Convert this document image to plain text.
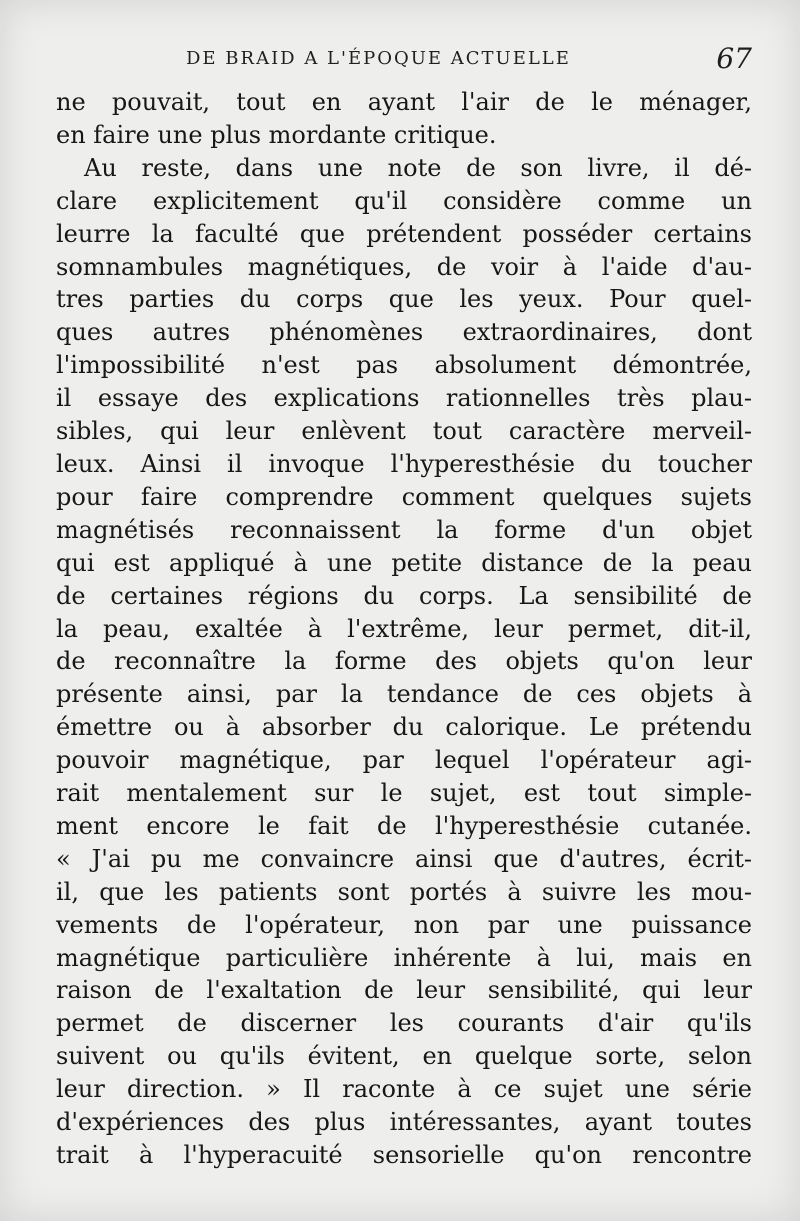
DE BRAID A L'ÉPOQUE ACTUELLE	67
ne pouvait, tout en ayant l'air de le ménager,
en faire une plus mordante critique.
Au reste, dans une note de son livre, il dé-
clare explicitement qu'il considère comme un
leurre la faculté que prétendent posséder certains
somnambules magnétiques, de voir à l'aide d'au-
tres parties du corps que les yeux. Pour quel-
ques autres phénomènes extraordinaires, dont
l'impossibilité n'est pas absolument démontrée,
il essaye des explications rationnelles très plau-
sibles, qui leur enlèvent tout caractère merveil-
leux. Ainsi il invoque l'hyperesthésie du toucher
pour faire comprendre comment quelques sujets
magnétisés reconnaissent la forme d'un objet
qui est appliqué à une petite distance de la peau
de certaines régions du corps. La sensibilité de
la peau, exaltée à l'extrême, leur permet, dit-il,
de reconnaître la forme des objets qu'on leur
présente ainsi, par la tendance de ces objets à
émettre ou à absorber du calorique. Le prétendu
pouvoir magnétique, par lequel l'opérateur agi-
rait mentalement sur le sujet, est tout simple-
ment encore le fait de l'hyperesthésie cutanée.
« J'ai pu me convaincre ainsi que d'autres, écrit-
il, que les patients sont portés à suivre les mou-
vements de l'opérateur, non par une puissance
magnétique particulière inhérente à lui, mais en
raison de l'exaltation de leur sensibilité, qui leur
permet de discerner les courants d'air qu'ils
suivent ou qu'ils évitent, en quelque sorte, selon
leur direction. » Il raconte à ce sujet une série
d'expériences des plus intéressantes, ayant toutes
trait à l'hyperacuité sensorielle qu'on rencontre
